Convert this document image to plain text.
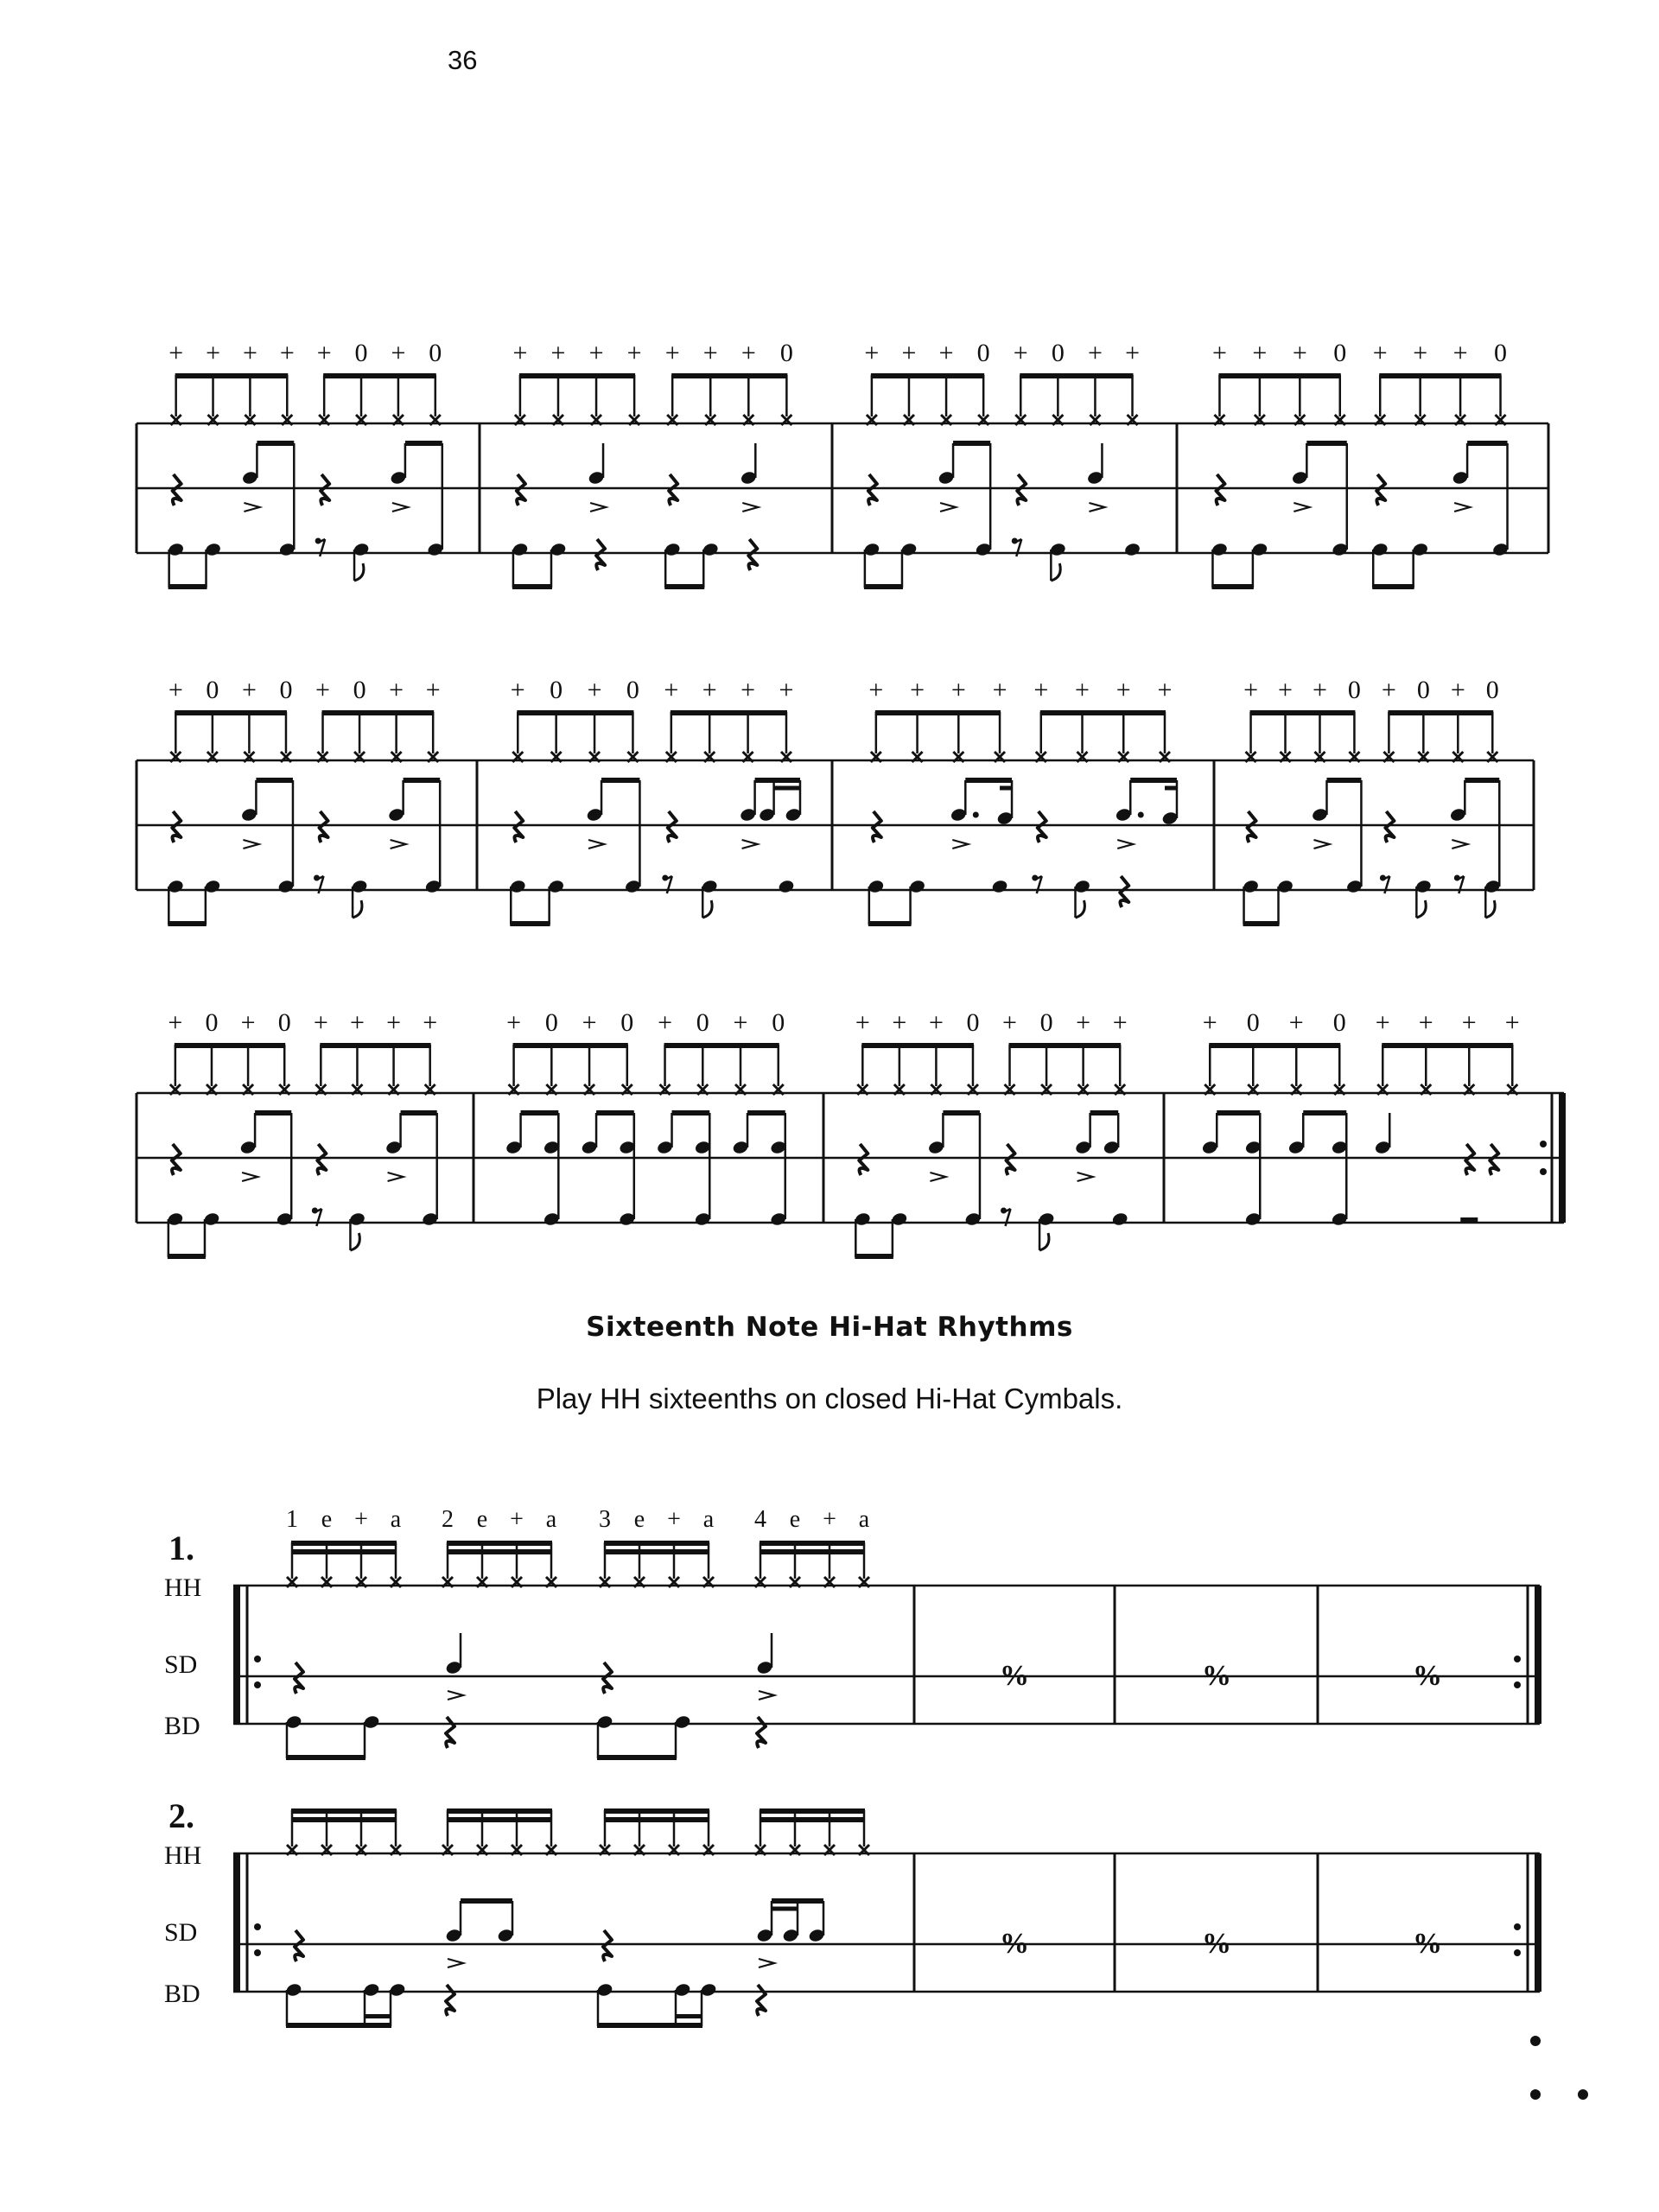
36
+ + + + + 0 + 0	+ + + + + + + 0	+ + + 0 + 0 + +	+ + + 0 + + + 0
+ 0 + 0 + 0 + +	+ 0 + 0 + + + +	+ + + + + + + +	+ + + 0 + 0 + 0
+ 0 + 0 + + + +	+ 0 + 0 + 0 + 0	+ + + 0 + 0 + +	+ 0 + 0 + + + +
Sixteenth Note Hi-Hat Rhythms
Play HH sixteenths on closed Hi-Hat Cymbals.
1.
HH
SD
BD
%	%	%
1 e + a 2 e + a 3 e + a 4 e + a
2.
HH
SD
BD
%	%	%
